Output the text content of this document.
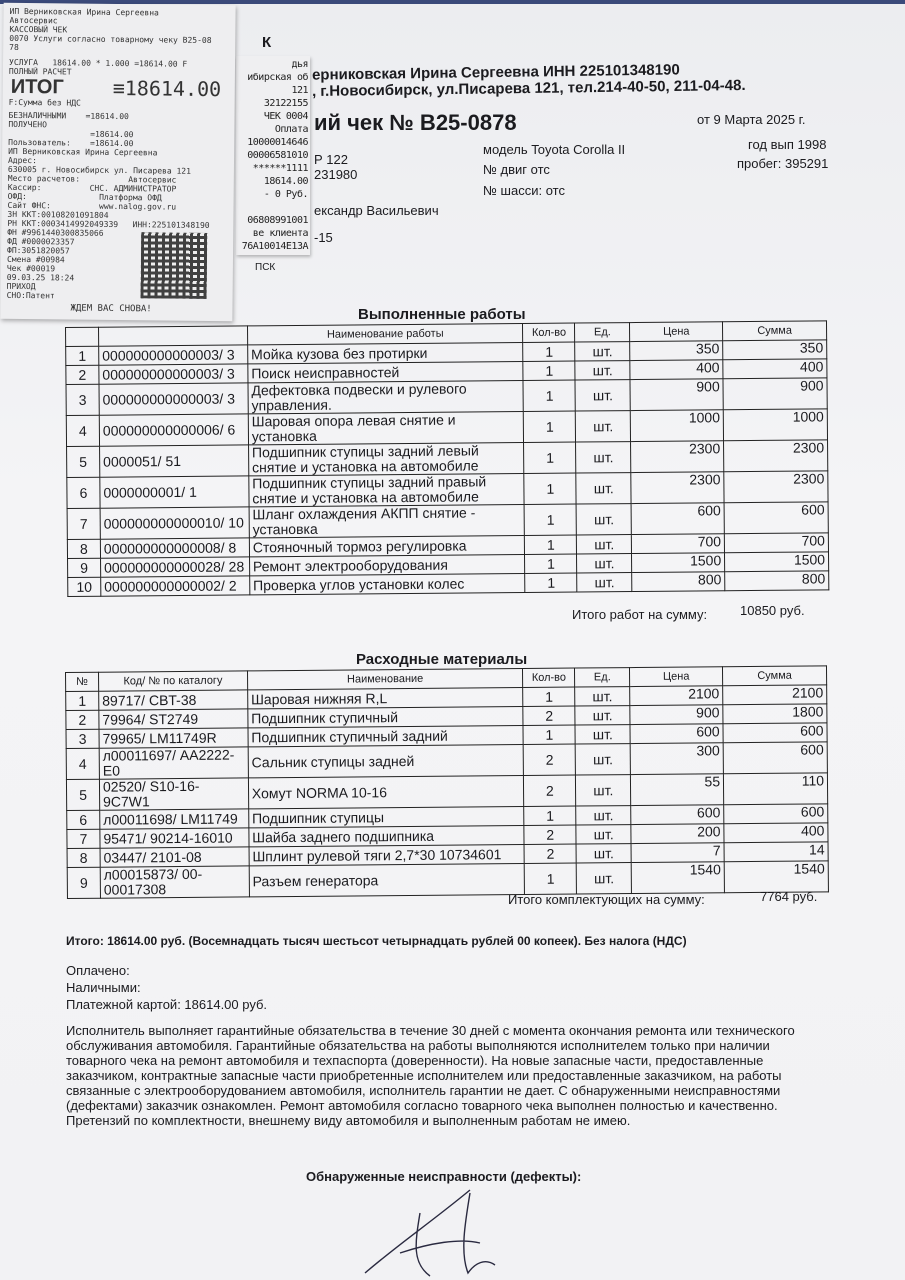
дья
ибирская об
121
32122155
ЧЕК 0004
Оплата
10000014646
00006581010
******1111
18614.00
- 0 Руб.
06808991001
ве клиента
76A10014E13A
ИП Верниковская Ирина Сергеевна
Автосервис
КАССОВЫЙ ЧЕК
0070 Услуги согласно товарному чеку В25-08
78
УСЛУГА   18614.00 * 1.000 =18614.00 F
ПОЛНЫЙ РАСЧЕТ
ИТОГ ≡18614.00
F:Сумма без НДС
БЕЗНАЛИЧНЫМИ    =18614.00
ПОЛУЧЕНО
=18614.00
Пользователь:    =18614.00
ИП Верниковская Ирина Сергеевна
Адрес:
630005 г. Новосибирск ул. Писарева 121
Место расчетов:          Автосервис
Кассир:          СНС. АДМИНИСТРАТОР
ОФД:               Платформа ОФД
Сайт ФНС:          www.nalog.gov.ru
ЗН ККТ:00108201091804
РН ККТ:0003414992049339   ИНН:225101348190
ФН #9961440300835066
ФД #0000023357
ФП:3051820057
Смена #00984
Чек #00019
09.03.25 18:24
ПРИХОД
СНО:Патент
ЖДЕМ ВАС СНОВА!
ерниковская Ирина Сергеевна ИНН 225101348190
, г.Новосибирск, ул.Писарева 121, тел.214-40-50, 211-04-48.
ий чек № В25-0878	от 9 Марта 2025 г.
К
Р 122
231980
модель Toyota Corolla II
№ двиг отс
№ шасси: отс
год вып 1998
пробег: 395291
ександр Васильевич
-15
ПСК
Выполненные работы
		Наименование работы	Кол-во	Ед.	Цена	Сумма
1	000000000000003/ 3	Мойка кузова без протирки	1	шт.	350	350
2	000000000000003/ 3	Поиск неисправностей	1	шт.	400	400
3	000000000000003/ 3	Дефектовка подвески и рулевого управления.	1	шт.	900	900
4	000000000000006/ 6	Шаровая опора левая снятие и установка	1	шт.	1000	1000
5	0000051/ 51	Подшипник ступицы задний левый снятие и установка на автомобиле	1	шт.	2300	2300
6	0000000001/ 1	Подшипник ступицы задний правый снятие и установка на автомобиле	1	шт.	2300	2300
7	000000000000010/ 10	Шланг охлаждения АКПП снятие - установка	1	шт.	600	600
8	000000000000008/ 8	Стояночный тормоз регулировка	1	шт.	700	700
9	000000000000028/ 28	Ремонт электрооборудования	1	шт.	1500	1500
10	000000000000002/ 2	Проверка углов установки колес	1	шт.	800	800
Итого работ на сумму:	10850 руб.
Расходные материалы
№	Код/ № по каталогу	Наименование	Кол-во	Ед.	Цена	Сумма
1	89717/ CBT-38	Шаровая нижняя R,L	1	шт.	2100	2100
2	79964/ ST2749	Подшипник ступичный	2	шт.	900	1800
3	79965/ LM11749R	Подшипник ступичный задний	1	шт.	600	600
4	л00011697/ AA2222-E0	Сальник ступицы задней	2	шт.	300	600
5	02520/ S10-16-9C7W1	Хомут NORMA 10-16	2	шт.	55	110
6	л00011698/ LM11749	Подшипник ступицы	1	шт.	600	600
7	95471/ 90214-16010	Шайба заднего подшипника	2	шт.	200	400
8	03447/ 2101-08	Шплинт рулевой тяги 2,7*30 10734601	2	шт.	7	14
9	л00015873/ 00-00017308	Разъем генератора	1	шт.	1540	1540
Итого комплектующих на сумму:	7764 руб.
Итого: 18614.00 руб. (Восемнадцать тысяч шестьсот четырнадцать рублей 00 копеек). Без налога (НДС)
Оплачено:
Наличными:
Платежной картой: 18614.00 руб.
Исполнитель выполняет гарантийные обязательства в течение 30 дней с момента окончания ремонта или технического обслуживания автомобиля. Гарантийные обязательства на работы выполняются исполнителем только при наличии товарного чека на ремонт автомобиля и техпаспорта (доверенности). На новые запасные части, предоставленные заказчиком, контрактные запасные части приобретенные исполнителем или предоставленные заказчиком, на работы связанные с электрооборудованием автомобиля, исполнитель гарантии не дает. С обнаруженными неисправностями (дефектами) заказчик ознакомлен. Ремонт автомобиля согласно товарного чека выполнен полностью и качественно. Претензий по комплектности, внешнему виду автомобиля и выполненным работам не имею.
Обнаруженные неисправности (дефекты):
